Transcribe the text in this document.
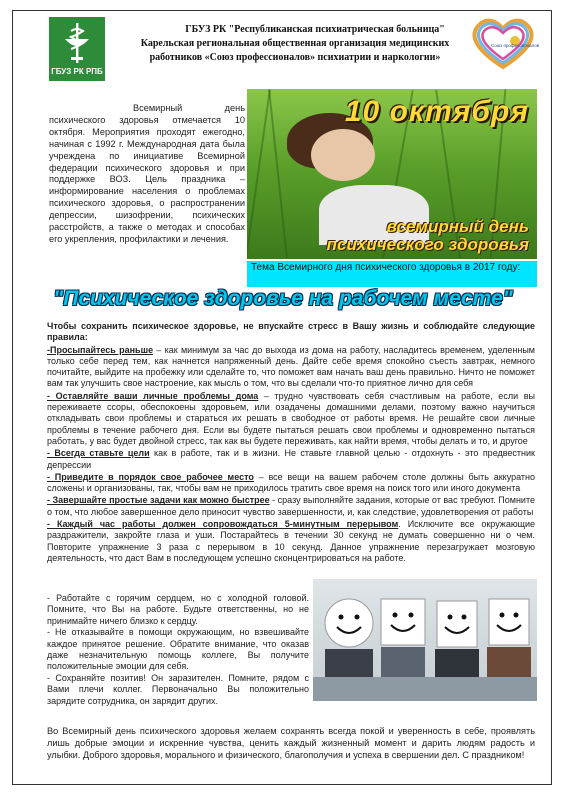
ГБУЗ РК РПБ
ГБУЗ РК "Республиканская психиатрическая больница"
Карельская региональная общественная организация медицинских
работников «Союз профессионалов» психиатрии и наркологии»
Союз профессионалов
Всемирный день психического здоровья отмечается 10 октября. Мероприятия проходят ежегодно, начиная с 1992 г. Международная дата была учреждена по инициативе Всемирной федерации психического здоровья и при поддержке ВОЗ. Цель праздника – информирование населения о проблемах психического здоровья, о распространении депрессии, шизофрении, психических расстройств, а также о методах и способах его укрепления, профилактики и лечения.
10 октября
всемирный день
психического здоровья
Тема Всемирного дня психического здоровья в 2017 году:
"Психическое здоровье на рабочем месте"

Чтобы сохранить психическое здоровье, не впускайте стресс в Вашу жизнь и соблюдайте следующие правила:

-Просыпайтесь раньше – как минимум за час до выхода из дома на работу, насладитесь временем, уделенным только себе перед тем, как начнется напряженный день. Дайте себе время спокойно съесть завтрак, немного почитайте, выйдите на пробежку или сделайте то, что поможет вам начать ваш день правильно. Ничто не поможет вам так улучшить свое настроение, как мысль о том, что вы сделали что-то приятное лично для себя

- Оставляйте ваши личные проблемы дома – трудно чувствовать себя счастливым на работе, если вы переживаете ссоры, обеспокоены здоровьем, или озадачены домашними делами, поэтому важно научиться откладывать свои проблемы и стараться их решать в свободное от работы время. Не решайте свои личные проблемы в течение рабочего дня. Если вы будете пытаться решать свои проблемы и одновременно пытаться работать, у вас будет двойной стресс, так как вы будете переживать, как найти время, чтобы делать и то, и другое

- Всегда ставьте цели как в работе, так и в жизни. Не ставьте главной целью - отдохнуть - это предвестник депрессии

- Приведите в порядок свое рабочее место – все вещи на вашем рабочем столе должны быть аккуратно сложены и организованы, так, чтобы вам не приходилось тратить свое время на поиск того или иного документа

- Завершайте простые задачи как можно быстрее - сразу выполняйте задания, которые от вас требуют. Помните о том, что любое завершенное дело приносит чувство завершенности, и, как следствие, удовлетворения от работы

- Каждый час работы должен сопровождаться 5-минутным перерывом. Исключите все окружающие раздражители, закройте глаза и уши. Постарайтесь в течении 30 секунд не думать совершенно ни о чем. Повторите упражнение 3 раза с перерывом в 10 секунд. Данное упражнение перезагружает мозговую деятельность, что даст Вам в последующем успешно сконцентрироваться на работе.

- Работайте с горячим сердцем, но с холодной головой. Помните, что Вы на работе. Будьте ответственны, но не принимайте ничего близко к сердцу.

- Не отказывайте в помощи окружающим, но взвешивайте каждое принятое решение. Обратите внимание, что оказав даже незначительную помощь коллеге, Вы получите положительные эмоции для себя.

- Сохраняйте позитив! Он заразителен. Помните, рядом с Вами плечи коллег. Первоначально Вы положительно зарядите сотрудника, он зарядит других.

Во Всемирный день психического здоровья желаем сохранять всегда покой и уверенность в себе, проявлять лишь добрые эмоции и искренние чувства, ценить каждый жизненный момент и дарить людям радость и улыбки. Доброго здоровья, морального и физического, благополучия и успеха в свершении дел. С праздником!
